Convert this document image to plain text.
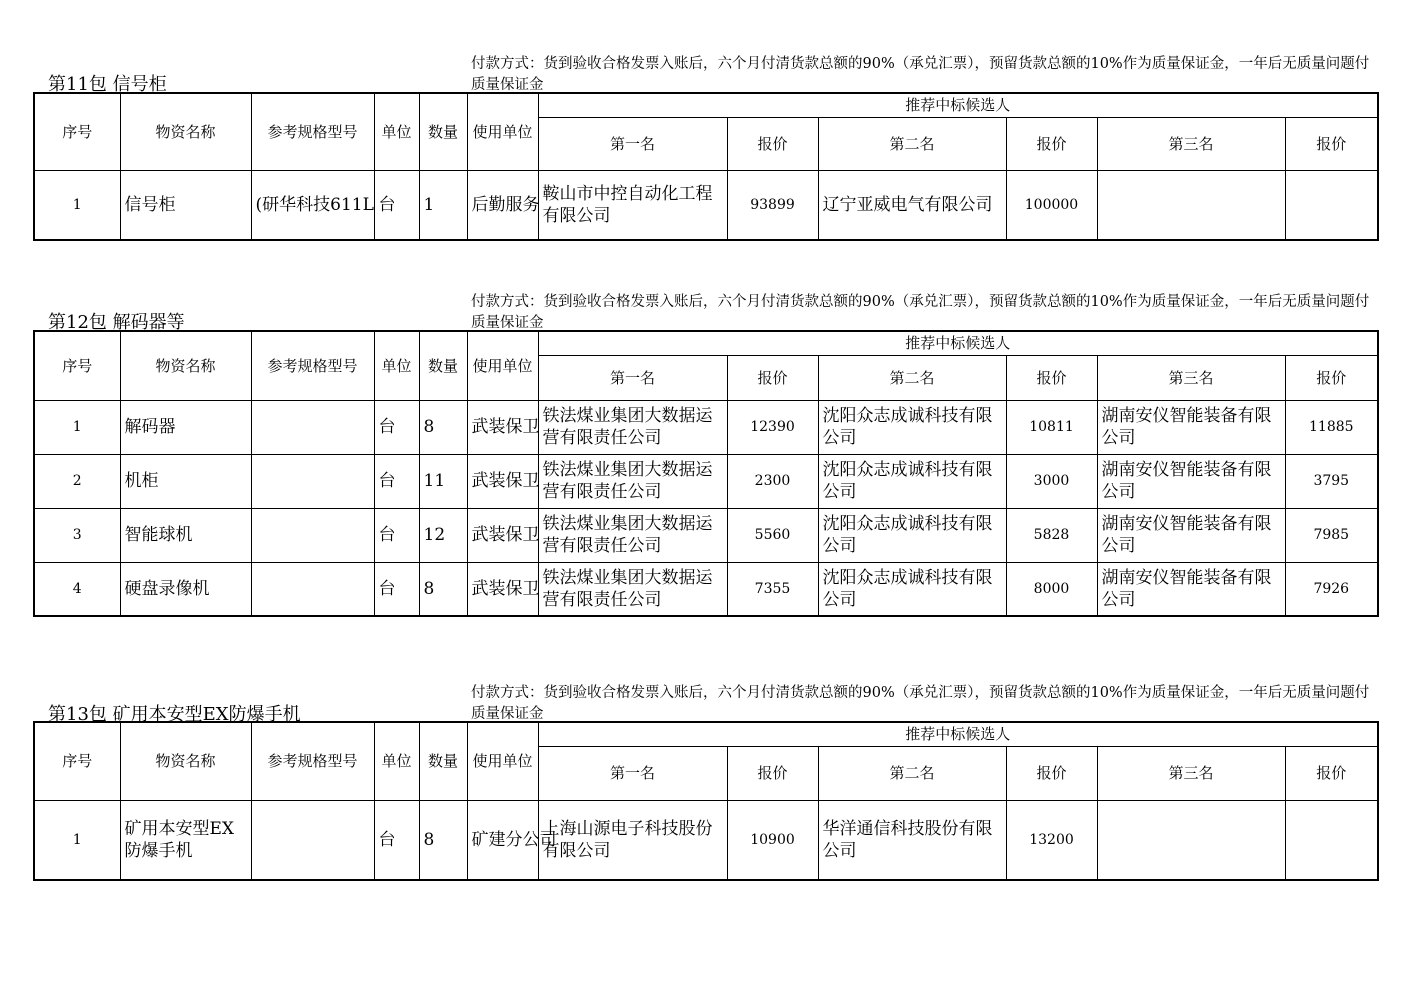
第11包 信号柜
付款方式：货到验收合格发票入账后，六个月付清货款总额的90%（承兑汇票），预留货款总额的10%作为质量保证金，一年后无质量问题付质量保证金
序号	物资名称	参考规格型号	单位	数量	使用单位	推荐中标候选人					
						第一名	报价	第二名	报价	第三名	报价
1	信号柜	(研华科技611L	台	1	后勤服务	鞍山市中控自动化工程有限公司	93899	辽宁亚威电气有限公司	100000		
第12包 解码器等
付款方式：货到验收合格发票入账后，六个月付清货款总额的90%（承兑汇票），预留货款总额的10%作为质量保证金，一年后无质量问题付质量保证金
序号	物资名称	参考规格型号	单位	数量	使用单位	推荐中标候选人					
						第一名	报价	第二名	报价	第三名	报价
1	解码器		台	8	武装保卫	铁法煤业集团大数据运营有限责任公司	12390	沈阳众志成诚科技有限公司	10811	湖南安仪智能装备有限公司	11885
2	机柜		台	11	武装保卫	铁法煤业集团大数据运营有限责任公司	2300	沈阳众志成诚科技有限公司	3000	湖南安仪智能装备有限公司	3795
3	智能球机		台	12	武装保卫	铁法煤业集团大数据运营有限责任公司	5560	沈阳众志成诚科技有限公司	5828	湖南安仪智能装备有限公司	7985
4	硬盘录像机		台	8	武装保卫	铁法煤业集团大数据运营有限责任公司	7355	沈阳众志成诚科技有限公司	8000	湖南安仪智能装备有限公司	7926
第13包 矿用本安型EX防爆手机
付款方式：货到验收合格发票入账后，六个月付清货款总额的90%（承兑汇票），预留货款总额的10%作为质量保证金，一年后无质量问题付质量保证金
序号	物资名称	参考规格型号	单位	数量	使用单位	推荐中标候选人					
						第一名	报价	第二名	报价	第三名	报价
1	矿用本安型EX防爆手机		台	8	矿建分公司	上海山源电子科技股份有限公司	10900	华洋通信科技股份有限公司	13200		
